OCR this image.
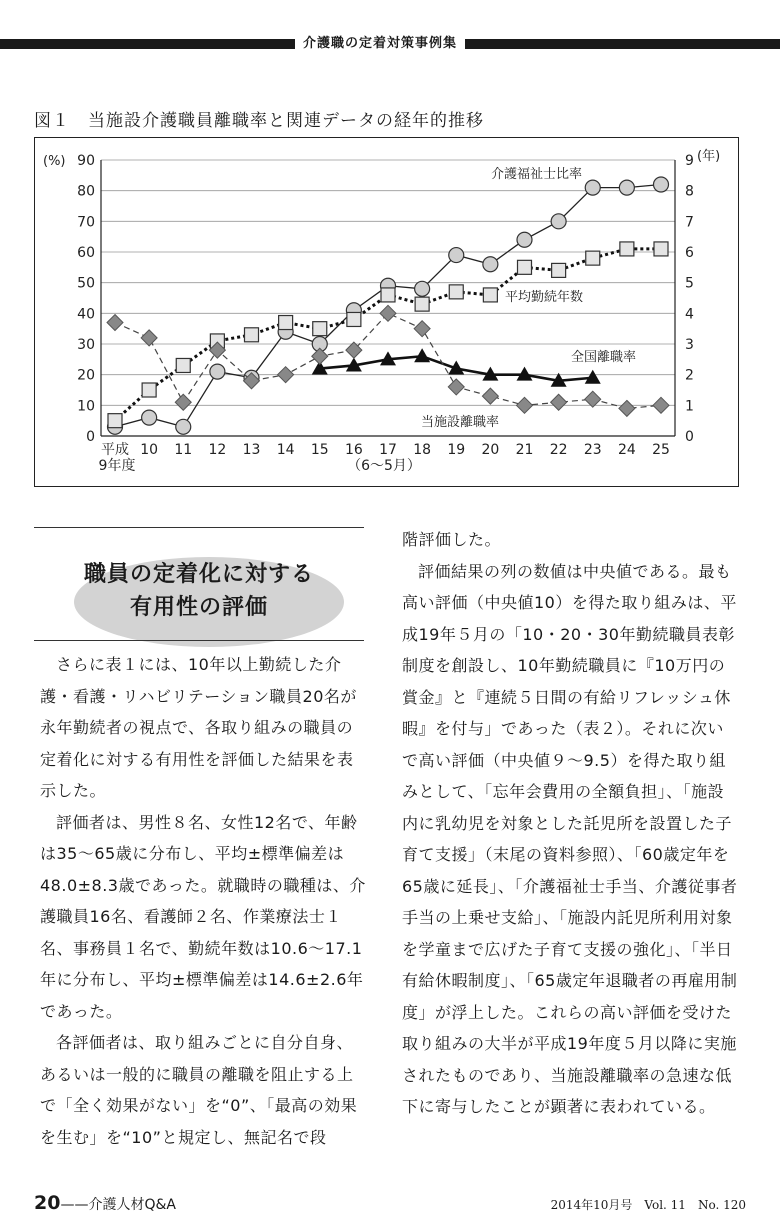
介護職の定着対策事例集
図１　当施設介護職員離職率と関連データの経年的推移
0
10
20
30
40
50
60
70
80
90
0
1
2
3
4
5
6
7
8
9
(%)	(年)
平成 10 11 12 13 14 15 16 17 18 19 20 21 22 23 24 25
9年度	（6～5月）
介護福祉士比率
平均勤続年数
全国離職率
当施設離職率
職員の定着化に対する
有用性の評価

さらに表１には、10年以上勤続した介護・看護・リハビリテーション職員20名が永年勤続者の視点で、各取り組みの職員の定着化に対する有用性を評価した結果を表示した。

評価者は、男性８名、女性12名で、年齢は35～65歳に分布し、平均±標準偏差は48.0±8.3歳であった。就職時の職種は、介護職員16名、看護師２名、作業療法士１名、事務員１名で、勤続年数は10.6～17.1年に分布し、平均±標準偏差は14.6±2.6年であった。

各評価者は、取り組みごとに自分自身、あるいは一般的に職員の離職を阻止する上で「全く効果がない」を“0”、「最高の効果を生む」を“10”と規定し、無記名で段

階評価した。

評価結果の列の数値は中央値である。最も高い評価（中央値10）を得た取り組みは、平成19年５月の「10・20・30年勤続職員表彰制度を創設し、10年勤続職員に『10万円の賞金』と『連続５日間の有給リフレッシュ休暇』を付与」であった（表２）。それに次いで高い評価（中央値９～9.5）を得た取り組みとして、「忘年会費用の全額負担」、「施設内に乳幼児を対象とした託児所を設置した子育て支援」（末尾の資料参照）、「60歳定年を65歳に延長」、「介護福祉士手当、介護従事者手当の上乗せ支給」、「施設内託児所利用対象を学童まで広げた子育て支援の強化」、「半日有給休暇制度」、「65歳定年退職者の再雇用制度」が浮上した。これらの高い評価を受けた取り組みの大半が平成19年度５月以降に実施されたものであり、当施設離職率の急速な低下に寄与したことが顕著に表われている。

20——介護人材Q&A	2014年10月号　Vol. 11　No. 120
